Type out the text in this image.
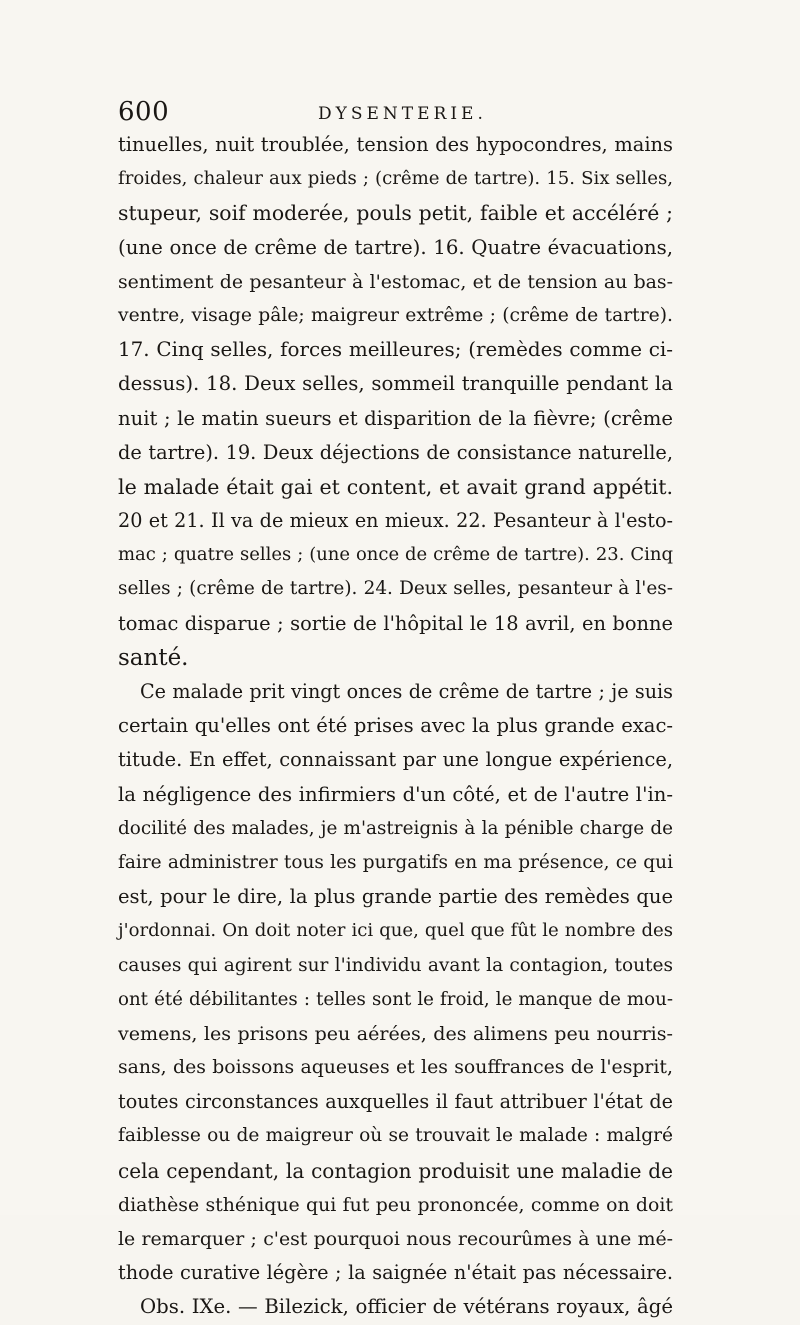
600	DYSENTERIE.
tinuelles, nuit troublée, tension des hypocondres, mains
froides, chaleur aux pieds ; (crême de tartre). 15. Six selles,
stupeur, soif moderée, pouls petit, faible et accéléré ;
(une once de crême de tartre). 16. Quatre évacuations,
sentiment de pesanteur à l'estomac, et de tension au bas-
ventre, visage pâle; maigreur extrême ; (crême de tartre).
17. Cinq selles, forces meilleures; (remèdes comme ci-
dessus). 18. Deux selles, sommeil tranquille pendant la
nuit ; le matin sueurs et disparition de la fièvre; (crême
de tartre). 19. Deux déjections de consistance naturelle,
le malade était gai et content, et avait grand appétit.
20 et 21. Il va de mieux en mieux. 22. Pesanteur à l'esto-
mac ; quatre selles ; (une once de crême de tartre). 23. Cinq
selles ; (crême de tartre). 24. Deux selles, pesanteur à l'es-
tomac disparue ; sortie de l'hôpital le 18 avril, en bonne
santé.
Ce malade prit vingt onces de crême de tartre ; je suis
certain qu'elles ont été prises avec la plus grande exac-
titude. En effet, connaissant par une longue expérience,
la négligence des infirmiers d'un côté, et de l'autre l'in-
docilité des malades, je m'astreignis à la pénible charge de
faire administrer tous les purgatifs en ma présence, ce qui
est, pour le dire, la plus grande partie des remèdes que
j'ordonnai. On doit noter ici que, quel que fût le nombre des
causes qui agirent sur l'individu avant la contagion, toutes
ont été débilitantes : telles sont le froid, le manque de mou-
vemens, les prisons peu aérées, des alimens peu nourris-
sans, des boissons aqueuses et les souffrances de l'esprit,
toutes circonstances auxquelles il faut attribuer l'état de
faiblesse ou de maigreur où se trouvait le malade : malgré
cela cependant, la contagion produisit une maladie de
diathèse sthénique qui fut peu prononcée, comme on doit
le remarquer ; c'est pourquoi nous recourûmes à une mé-
thode curative légère ; la saignée n'était pas nécessaire.
Obs. IXe. — Bilezick, officier de vétérans royaux, âgé
